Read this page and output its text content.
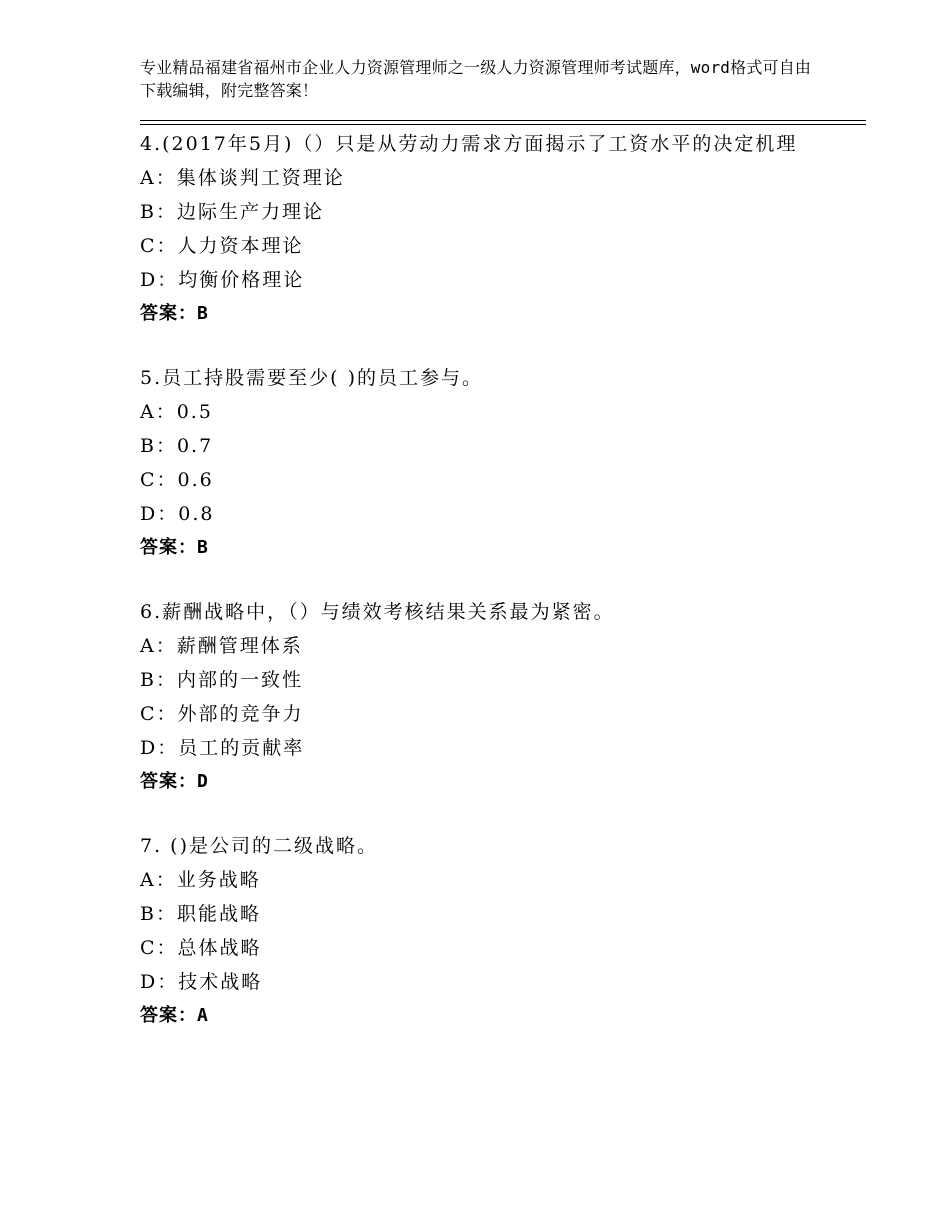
专业精品福建省福州市企业人力资源管理师之一级人力资源管理师考试题库，word格式可自由下载编辑，附完整答案！
4.(2017年5月)（）只是从劳动力需求方面揭示了工资水平的决定机理
A：集体谈判工资理论
B：边际生产力理论
C：人力资本理论
D：均衡价格理论
答案：B
5.员工持股需要至少( )的员工参与。
A：0.5
B：0.7
C：0.6
D：0.8
答案：B
6.薪酬战略中，（）与绩效考核结果关系最为紧密。
A：薪酬管理体系
B：内部的一致性
C：外部的竞争力
D：员工的贡献率
答案：D
7. ()是公司的二级战略。
A：业务战略
B：职能战略
C：总体战略
D：技术战略
答案：A
